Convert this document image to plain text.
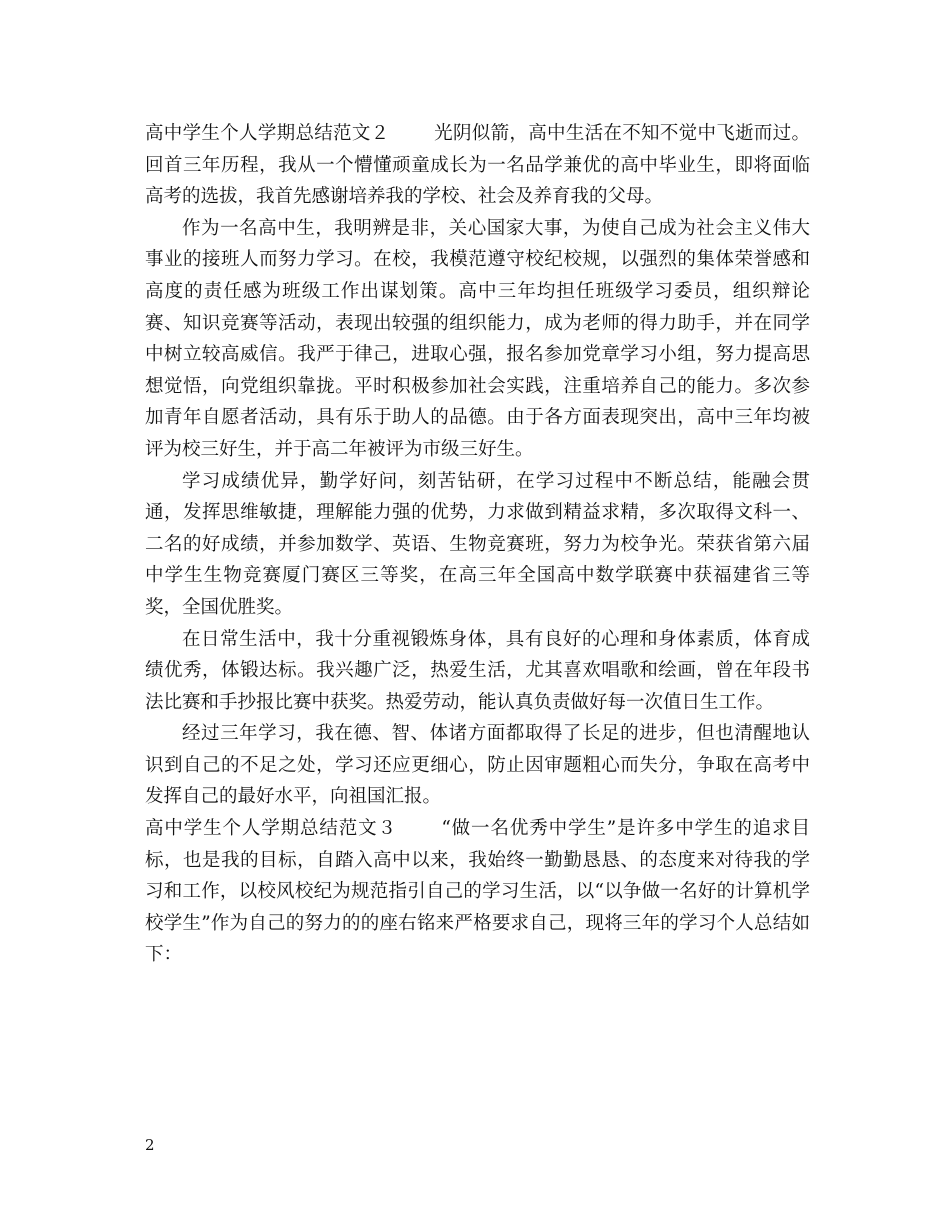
高中学生个人学期总结范文２ 光阴似箭，高中生活在不知不觉中飞逝而过。回首三年历程，我从一个懵懂顽童成长为一名品学兼优的高中毕业生，即将面临高考的选拔，我首先感谢培养我的学校、社会及养育我的父母。

作为一名高中生，我明辨是非，关心国家大事，为使自己成为社会主义伟大事业的接班人而努力学习。在校，我模范遵守校纪校规，以强烈的集体荣誉感和高度的责任感为班级工作出谋划策。高中三年均担任班级学习委员，组织辩论赛、知识竞赛等活动，表现出较强的组织能力，成为老师的得力助手，并在同学中树立较高威信。我严于律己，进取心强，报名参加党章学习小组，努力提高思想觉悟，向党组织靠拢。平时积极参加社会实践，注重培养自己的能力。多次参加青年自愿者活动，具有乐于助人的品德。由于各方面表现突出，高中三年均被评为校三好生，并于高二年被评为市级三好生。

学习成绩优异，勤学好问，刻苦钻研，在学习过程中不断总结，能融会贯通，发挥思维敏捷，理解能力强的优势，力求做到精益求精，多次取得文科一、二名的好成绩，并参加数学、英语、生物竞赛班，努力为校争光。荣获省第六届中学生生物竞赛厦门赛区三等奖，在高三年全国高中数学联赛中获福建省三等奖，全国优胜奖。

在日常生活中，我十分重视锻炼身体，具有良好的心理和身体素质，体育成绩优秀，体锻达标。我兴趣广泛，热爱生活，尤其喜欢唱歌和绘画，曾在年段书法比赛和手抄报比赛中获奖。热爱劳动，能认真负责做好每一次值日生工作。

经过三年学习，我在德、智、体诸方面都取得了长足的进步，但也清醒地认识到自己的不足之处，学习还应更细心，防止因审题粗心而失分，争取在高考中发挥自己的最好水平，向祖国汇报。

高中学生个人学期总结范文３ “做一名优秀中学生”是许多中学生的追求目标，也是我的目标，自踏入高中以来，我始终一勤勤恳恳、的态度来对待我的学习和工作，以校风校纪为规范指引自己的学习生活，以“以争做一名好的计算机学校学生”作为自己的努力的的座右铭来严格要求自己，现将三年的学习个人总结如下：

2
